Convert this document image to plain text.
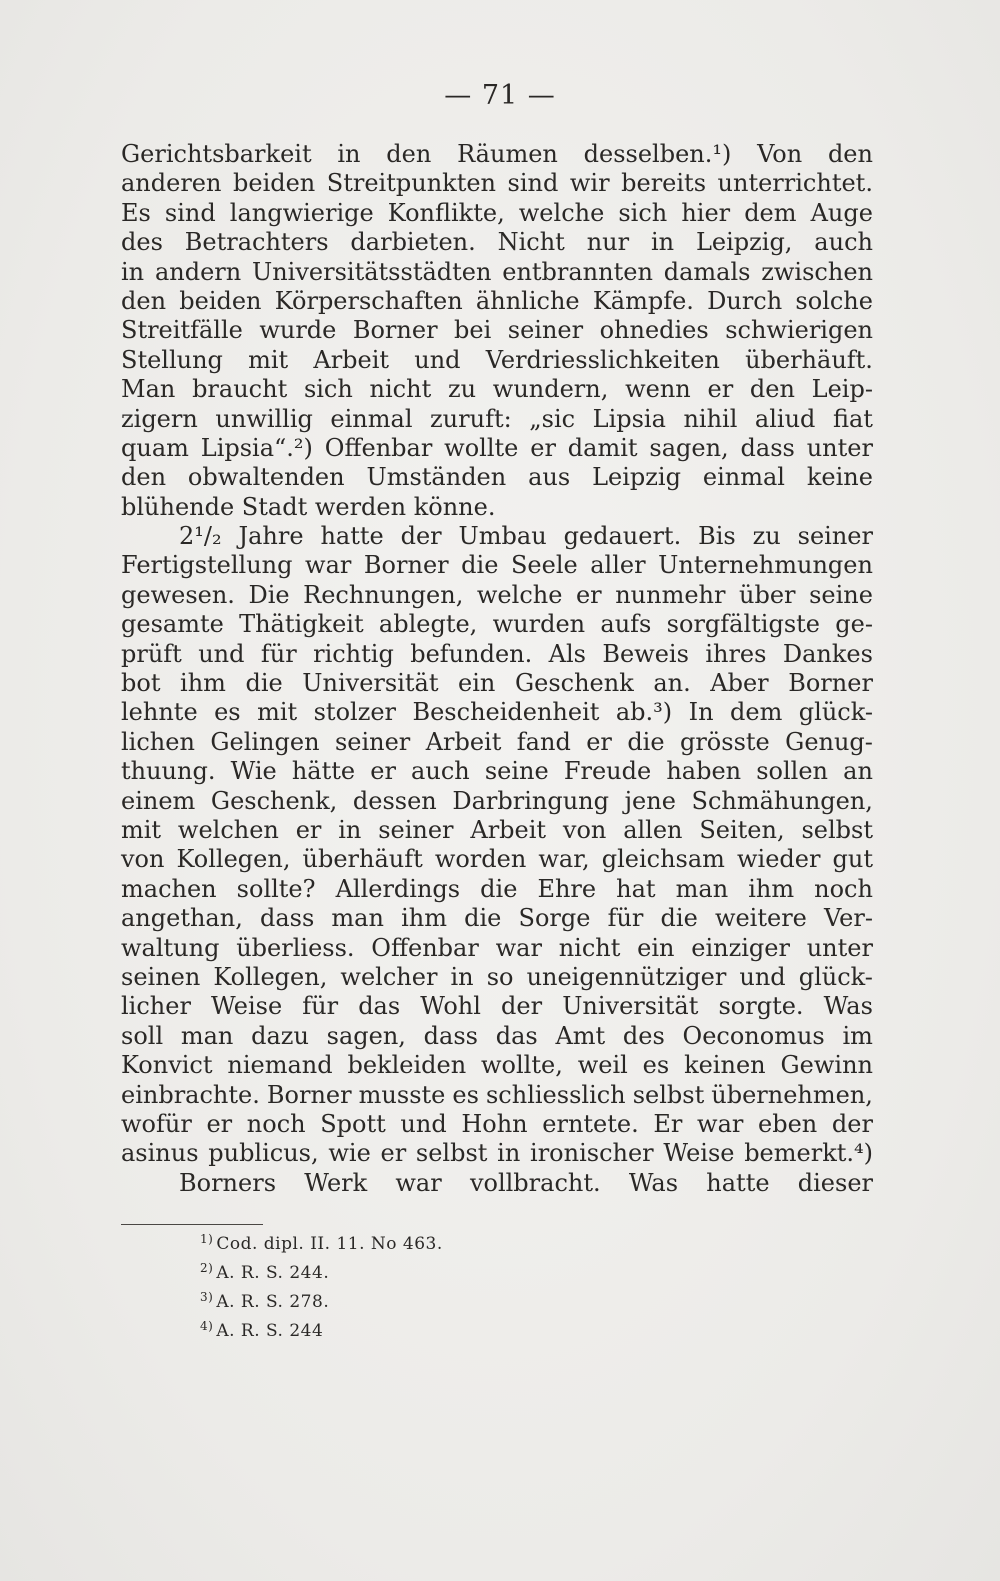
— 71 —
Gerichtsbarkeit in den Räumen desselben.¹) Von den
anderen beiden Streitpunkten sind wir bereits unterrichtet.
Es sind langwierige Konflikte, welche sich hier dem Auge
des Betrachters darbieten. Nicht nur in Leipzig, auch
in andern Universitätsstädten entbrannten damals zwischen
den beiden Körperschaften ähnliche Kämpfe. Durch solche
Streitfälle wurde Borner bei seiner ohnedies schwierigen
Stellung mit Arbeit und Verdriesslichkeiten überhäuft.
Man braucht sich nicht zu wundern, wenn er den Leip-
zigern unwillig einmal zuruft: „sic Lipsia nihil aliud fiat
quam Lipsia“.²) Offenbar wollte er damit sagen, dass unter
den obwaltenden Umständen aus Leipzig einmal keine
blühende Stadt werden könne.
2¹/₂ Jahre hatte der Umbau gedauert. Bis zu seiner
Fertigstellung war Borner die Seele aller Unternehmungen
gewesen. Die Rechnungen, welche er nunmehr über seine
gesamte Thätigkeit ablegte, wurden aufs sorgfältigste ge-
prüft und für richtig befunden. Als Beweis ihres Dankes
bot ihm die Universität ein Geschenk an. Aber Borner
lehnte es mit stolzer Bescheidenheit ab.³) In dem glück-
lichen Gelingen seiner Arbeit fand er die grösste Genug-
thuung. Wie hätte er auch seine Freude haben sollen an
einem Geschenk, dessen Darbringung jene Schmähungen,
mit welchen er in seiner Arbeit von allen Seiten, selbst
von Kollegen, überhäuft worden war, gleichsam wieder gut
machen sollte? Allerdings die Ehre hat man ihm noch
angethan, dass man ihm die Sorge für die weitere Ver-
waltung überliess. Offenbar war nicht ein einziger unter
seinen Kollegen, welcher in so uneigennütziger und glück-
licher Weise für das Wohl der Universität sorgte. Was
soll man dazu sagen, dass das Amt des Oeconomus im
Konvict niemand bekleiden wollte, weil es keinen Gewinn
einbrachte. Borner musste es schliesslich selbst übernehmen,
wofür er noch Spott und Hohn erntete. Er war eben der
asinus publicus, wie er selbst in ironischer Weise bemerkt.⁴)
Borners Werk war vollbracht. Was hatte dieser
$^{1)}$ Cod. dipl. II. 11. No 463.
$^{2)}$ A. R. S. 244.
$^{3)}$ A. R. S. 278.
$^{4)}$ A. R. S. 244
